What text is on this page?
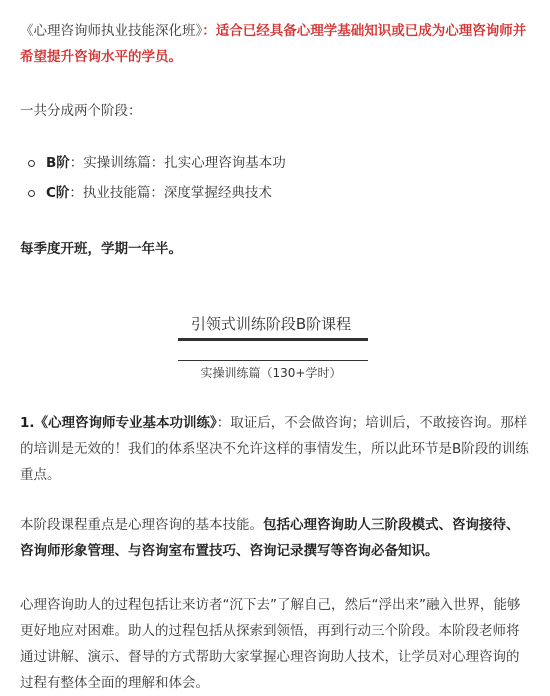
《心理咨询师执业技能深化班》：适合已经具备心理学基础知识或已成为心理咨询师并希望提升咨询水平的学员。
一共分成两个阶段：
B阶：实操训练篇：扎实心理咨询基本功
C阶：执业技能篇：深度掌握经典技术
每季度开班，学期一年半。
引领式训练阶段B阶课程
实操训练篇（130+学时）
1.《心理咨询师专业基本功训练》：取证后，不会做咨询；培训后，不敢接咨询。那样的培训是无效的！我们的体系坚决不允许这样的事情发生，所以此环节是B阶段的训练重点。
本阶段课程重点是心理咨询的基本技能。包括心理咨询助人三阶段模式、咨询接待、咨询师形象管理、与咨询室布置技巧、咨询记录撰写等咨询必备知识。
心理咨询助人的过程包括让来访者“沉下去”了解自己，然后“浮出来”融入世界，能够更好地应对困难。助人的过程包括从探索到领悟，再到行动三个阶段。本阶段老师将通过讲解、演示、督导的方式帮助大家掌握心理咨询助人技术，让学员对心理咨询的过程有整体全面的理解和体会。
